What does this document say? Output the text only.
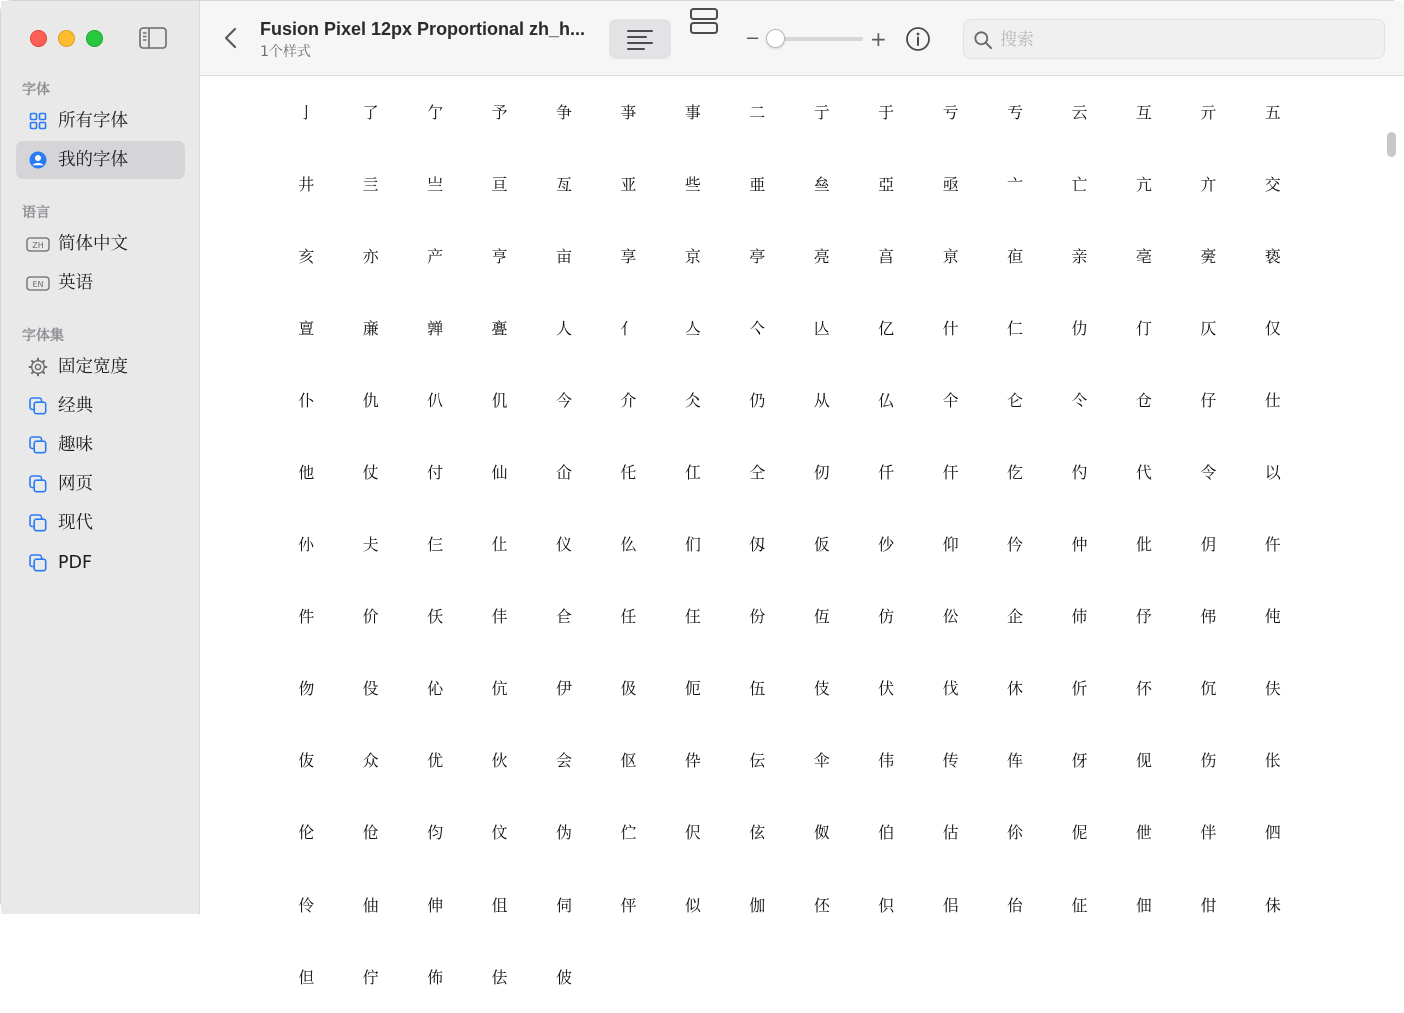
字体
所有字体
我的字体
语言
ZH 简体中文
EN 英语
字体集
固定宽度
经典
趣味
网页
现代
PDF
Fusion Pixel 12px Proportional zh_h...
1个样式
−	+
搜索
亅	了	亇	予	争	亊	事	二	亍	于	亏	亐	云	互	亓	五
井	亖	亗	亘	亙	亚	些	亜	亝	亞	亟	亠	亡	亢	亣	交
亥	亦	产	亨	亩	享	京	亭	亮	亯	亰	亱	亲	亳	亴	亵
亶	亷	亸	亹	人	亻	亼	亽	亾	亿	什	仁	仂	仃	仄	仅
仆	仇	仈	仉	今	介	仌	仍	从	仏	仐	仑	仒	仓	仔	仕
他	仗	付	仙	仚	仛	仜	仝	仞	仟	仠	仡	仢	代	令	以
仦	仧	仨	仩	仪	仫	们	仭	仮	仯	仰	仱	仲	仳	仴	仵
件	价	仸	仹	仺	任	仼	份	仾	仿	伀	企	伂	伃	伄	伅
伆	伇	伈	伉	伊	伋	伌	伍	伎	伏	伐	休	伒	伓	伔	伕
伖	众	优	伙	会	伛	伜	伝	伞	伟	传	伡	伢	伣	伤	伥
伦	伧	伨	伩	伪	伫	伬	伭	伮	伯	估	伱	伲	伳	伴	伵
伶	伷	伸	伹	伺	伻	似	伽	伾	伿	佀	佁	佂	佃	佄	佅
但	佇	佈	佉	佊
